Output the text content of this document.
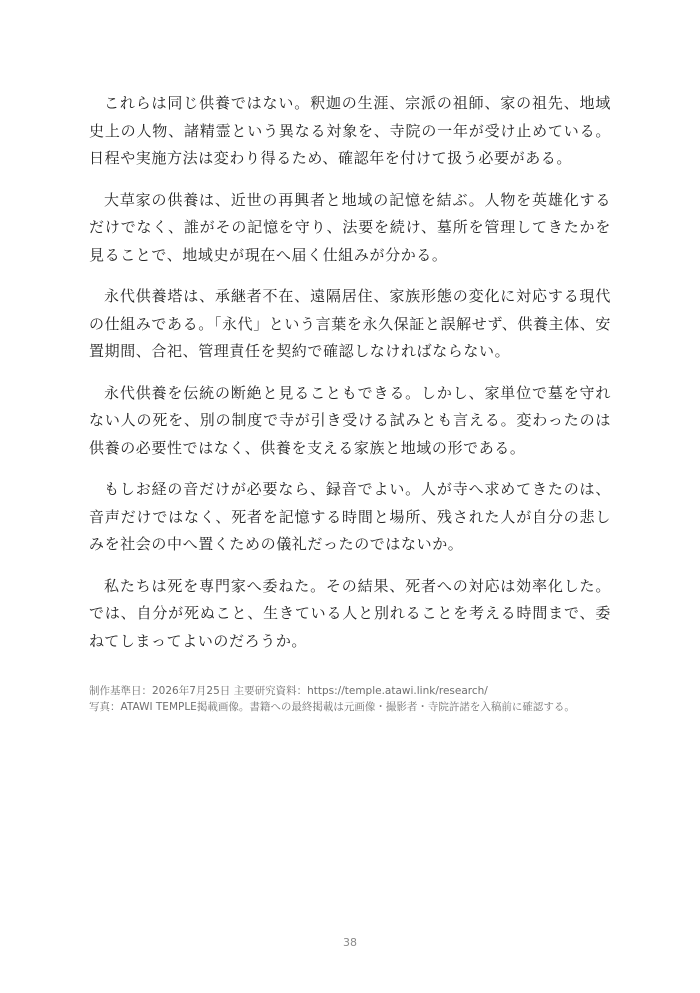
これらは同じ供養ではない。釈迦の生涯、宗派の祖師、家の祖先、地域史上の人物、諸精霊という異なる対象を、寺院の一年が受け止めている。日程や実施方法は変わり得るため、確認年を付けて扱う必要がある。

大草家の供養は、近世の再興者と地域の記憶を結ぶ。人物を英雄化するだけでなく、誰がその記憶を守り、法要を続け、墓所を管理してきたかを見ることで、地域史が現在へ届く仕組みが分かる。

永代供養塔は、承継者不在、遠隔居住、家族形態の変化に対応する現代の仕組みである。「永代」という言葉を永久保証と誤解せず、供養主体、安置期間、合祀、管理責任を契約で確認しなければならない。

永代供養を伝統の断絶と見ることもできる。しかし、家単位で墓を守れない人の死を、別の制度で寺が引き受ける試みとも言える。変わったのは供養の必要性ではなく、供養を支える家族と地域の形である。

もしお経の音だけが必要なら、録音でよい。人が寺へ求めてきたのは、音声だけではなく、死者を記憶する時間と場所、残された人が自分の悲しみを社会の中へ置くための儀礼だったのではないか。

私たちは死を専門家へ委ねた。その結果、死者への対応は効率化した。では、自分が死ぬこと、生きている人と別れることを考える時間まで、委ねてしまってよいのだろうか。

制作基準日：2026年7月25日 主要研究資料：https://temple.atawi.link/research/

写真：ATAWI TEMPLE掲載画像。書籍への最終掲載は元画像・撮影者・寺院許諾を入稿前に確認する。

38
